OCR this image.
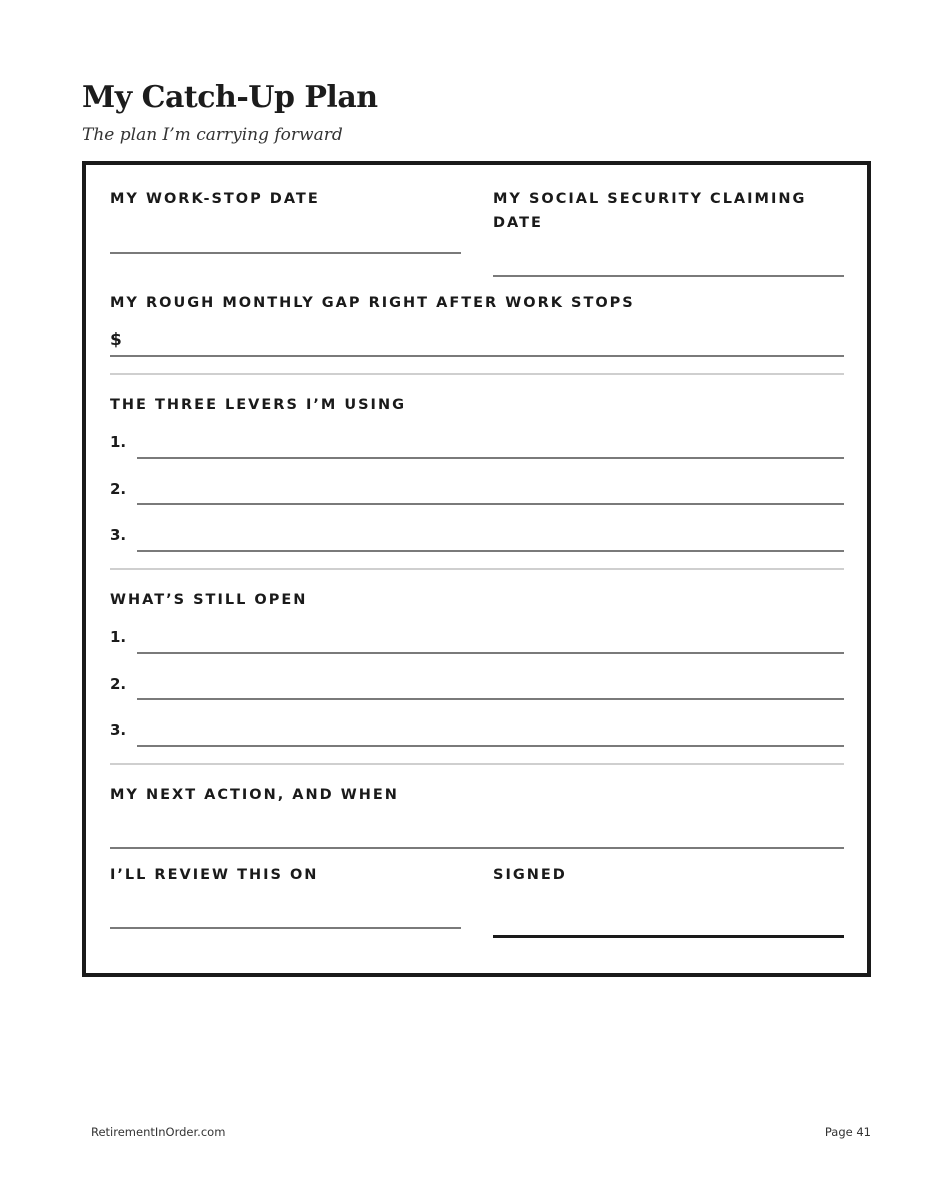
My Catch-Up Plan

The plan I’m carrying forward

MY WORK-STOP DATE	MY SOCIAL SECURITY CLAIMING DATE

MY ROUGH MONTHLY GAP RIGHT AFTER WORK STOPS

$

THE THREE LEVERS I’M USING

1.
2.
3.

WHAT’S STILL OPEN

1.
2.
3.

MY NEXT ACTION, AND WHEN

I’LL REVIEW THIS ON	SIGNED

RetirementInOrder.com	Page 41
